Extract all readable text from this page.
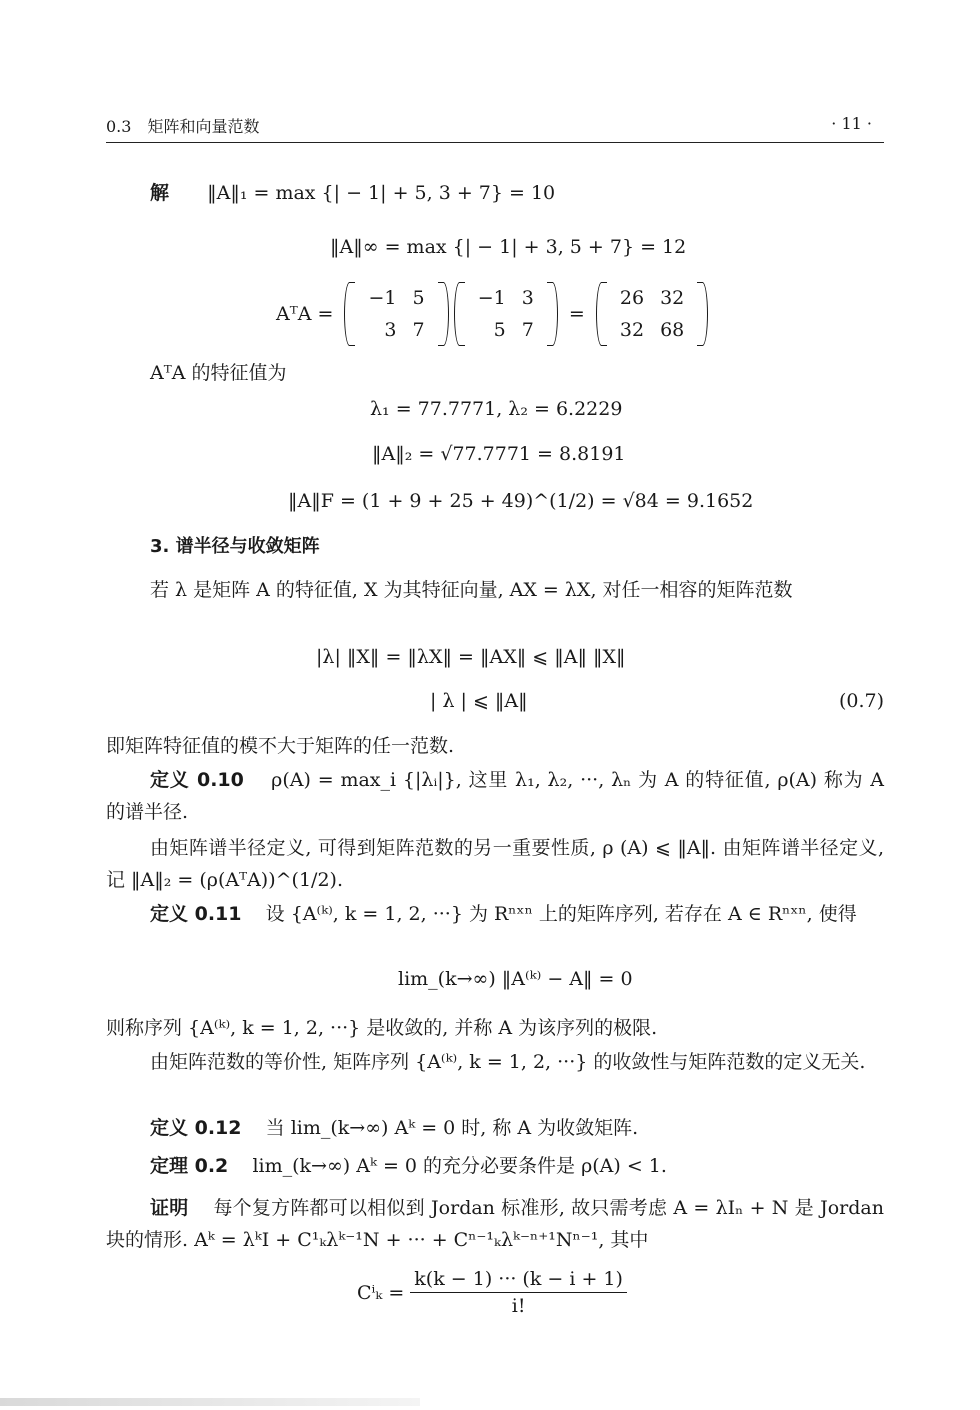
0.3 矩阵和向量范数	· 11 ·
解 ‖A‖₁ = max {| − 1| + 5, 3 + 7} = 10
‖A‖∞ = max {| − 1| + 3, 5 + 7} = 12
AᵀA =
−1	5
3	7

−1	3
5	7
=
26	32
32	68
AᵀA 的特征值为
λ₁ = 77.7771, λ₂ = 6.2229
‖A‖₂ = √77.7771 = 8.8191
‖A‖F = (1 + 9 + 25 + 49)^(1/2) = √84 = 9.1652
3. 谱半径与收敛矩阵
若 λ 是矩阵 A 的特征值, X 为其特征向量, AX = λX, 对任一相容的矩阵范数
|λ| ‖X‖ = ‖λX‖ = ‖AX‖ ⩽ ‖A‖ ‖X‖
| λ | ⩽ ‖A‖	(0.7)
即矩阵特征值的模不大于矩阵的任一范数.
定义 0.10 ρ(A) = max_i {|λᵢ|}, 这里 λ₁, λ₂, ···, λₙ 为 A 的特征值, ρ(A) 称为 A 的谱半径.
由矩阵谱半径定义, 可得到矩阵范数的另一重要性质, ρ (A) ⩽ ‖A‖. 由矩阵谱半径定义, 记 ‖A‖₂ = (ρ(AᵀA))^(1/2).
定义 0.11 设 {A⁽ᵏ⁾, k = 1, 2, ···} 为 Rⁿˣⁿ 上的矩阵序列, 若存在 A ∈ Rⁿˣⁿ, 使得
lim_(k→∞) ‖A⁽ᵏ⁾ − A‖ = 0
则称序列 {A⁽ᵏ⁾, k = 1, 2, ···} 是收敛的, 并称 A 为该序列的极限.
由矩阵范数的等价性, 矩阵序列 {A⁽ᵏ⁾, k = 1, 2, ···} 的收敛性与矩阵范数的定义无关.
定义 0.12 当 lim_(k→∞) Aᵏ = 0 时, 称 A 为收敛矩阵.
定理 0.2 lim_(k→∞) Aᵏ = 0 的充分必要条件是 ρ(A) < 1.
证明 每个复方阵都可以相似到 Jordan 标准形, 故只需考虑 A = λIₙ + N 是 Jordan 块的情形. Aᵏ = λᵏI + C¹ₖλᵏ⁻¹N + ··· + Cⁿ⁻¹ₖλᵏ⁻ⁿ⁺¹Nⁿ⁻¹, 其中
$C^i_k = \frac{k(k - 1) \cdot\cdot\cdot (k - i + 1)}{i!}$
